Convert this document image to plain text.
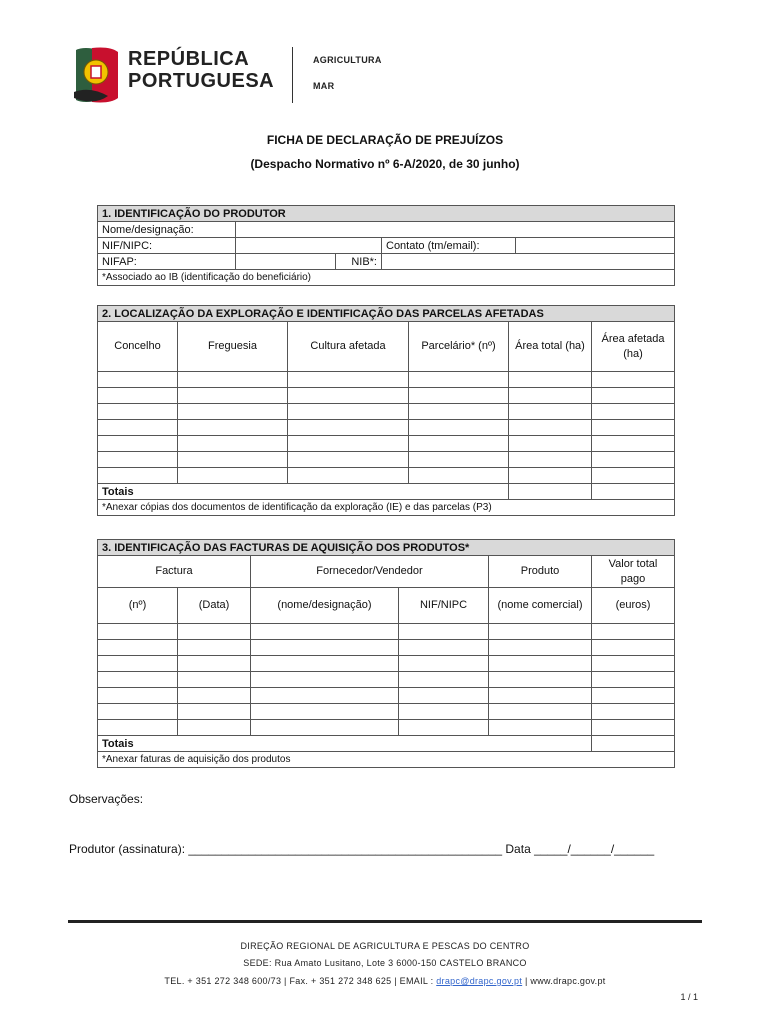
REPÚBLICA
PORTUGUESA
AGRICULTURA
MAR
FICHA DE DECLARAÇÃO DE PREJUÍZOS
(Despacho Normativo nº 6-A/2020, de 30 junho)
1. IDENTIFICAÇÃO DO PRODUTOR				
Nome/designação:				
NIF/NIPC:			Contato (tm/email):	
NIFAP:		NIB*:		
*Associado ao IB (identificação do beneficiário)				
2. LOCALIZAÇÃO DA EXPLORAÇÃO E IDENTIFICAÇÃO DAS PARCELAS AFETADAS					
Concelho	Freguesia	Cultura afetada	Parcelário* (nº)	Área total (ha)	Área afetada (ha)

Totais					
*Anexar cópias dos documentos de identificação da exploração (IE) e das parcelas (P3)					
3. IDENTIFICAÇÃO DAS FACTURAS DE AQUISIÇÃO DOS PRODUTOS*					
Factura		Fornecedor/Vendedor		Produto	Valor total pago
(nº)	(Data)	(nome/designação)	NIF/NIPC	(nome comercial)	(euros)

Totais					
*Anexar faturas de aquisição dos produtos					
Observações:
Produtor (assinatura): _______________________________________________ Data _____/______/______
DIREÇÃO REGIONAL DE AGRICULTURA E PESCAS DO CENTRO
SEDE: Rua Amato Lusitano, Lote 3 6000-150 CASTELO BRANCO
TEL. + 351 272 348 600/73 | Fax. + 351 272 348 625 | EMAIL : drapc@drapc.gov.pt | www.drapc.gov.pt
1 / 1
